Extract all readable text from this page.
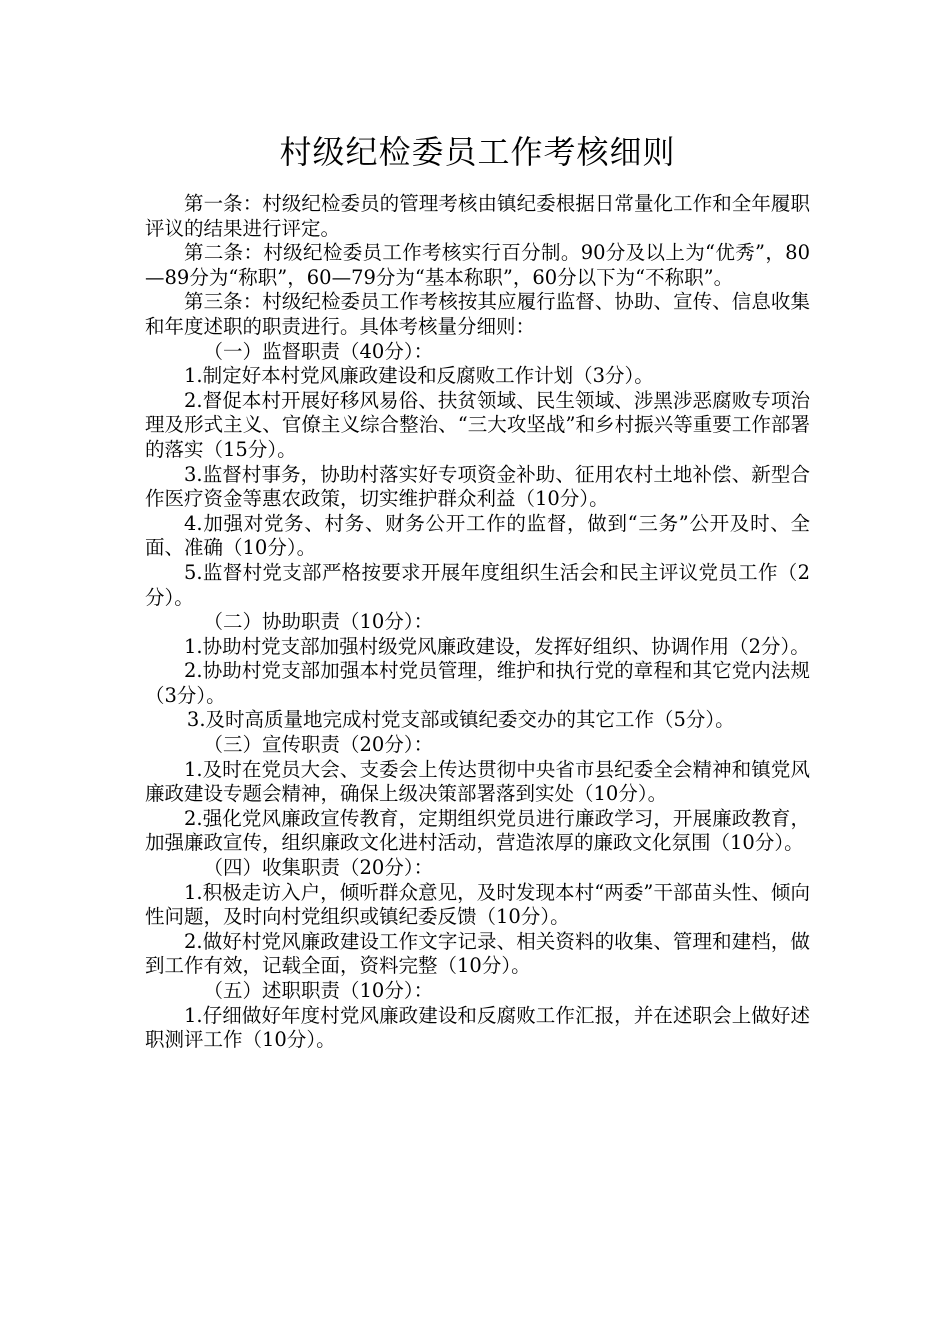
村级纪检委员工作考核细则

第一条：村级纪检委员的管理考核由镇纪委根据日常量化工作和全年履职评议的结果进行评定。

第二条：村级纪检委员工作考核实行百分制。90分及以上为“优秀”，80—89分为“称职”，60—79分为“基本称职”，60分以下为“不称职”。

第三条：村级纪检委员工作考核按其应履行监督、协助、宣传、信息收集和年度述职的职责进行。具体考核量分细则：

（一）监督职责（40分）：

1.制定好本村党风廉政建设和反腐败工作计划（3分）。

2.督促本村开展好移风易俗、扶贫领域、民生领域、涉黑涉恶腐败专项治理及形式主义、官僚主义综合整治、“三大攻坚战”和乡村振兴等重要工作部署的落实（15分）。

3.监督村事务，协助村落实好专项资金补助、征用农村土地补偿、新型合作医疗资金等惠农政策，切实维护群众利益（10分）。

4.加强对党务、村务、财务公开工作的监督，做到“三务”公开及时、全面、准确（10分）。

5.监督村党支部严格按要求开展年度组织生活会和民主评议党员工作（2分）。

（二）协助职责（10分）：

1.协助村党支部加强村级党风廉政建设，发挥好组织、协调作用（2分）。

2.协助村党支部加强本村党员管理，维护和执行党的章程和其它党内法规（3分）。

3.及时高质量地完成村党支部或镇纪委交办的其它工作（5分）。

（三）宣传职责（20分）：

1.及时在党员大会、支委会上传达贯彻中央省市县纪委全会精神和镇党风廉政建设专题会精神，确保上级决策部署落到实处（10分）。

2.强化党风廉政宣传教育，定期组织党员进行廉政学习，开展廉政教育，加强廉政宣传，组织廉政文化进村活动，营造浓厚的廉政文化氛围（10分）。

（四）收集职责（20分）：

1.积极走访入户，倾听群众意见，及时发现本村“两委”干部苗头性、倾向性问题，及时向村党组织或镇纪委反馈（10分）。

2.做好村党风廉政建设工作文字记录、相关资料的收集、管理和建档，做到工作有效，记载全面，资料完整（10分）。

（五）述职职责（10分）：

1.仔细做好年度村党风廉政建设和反腐败工作汇报，并在述职会上做好述职测评工作（10分）。
